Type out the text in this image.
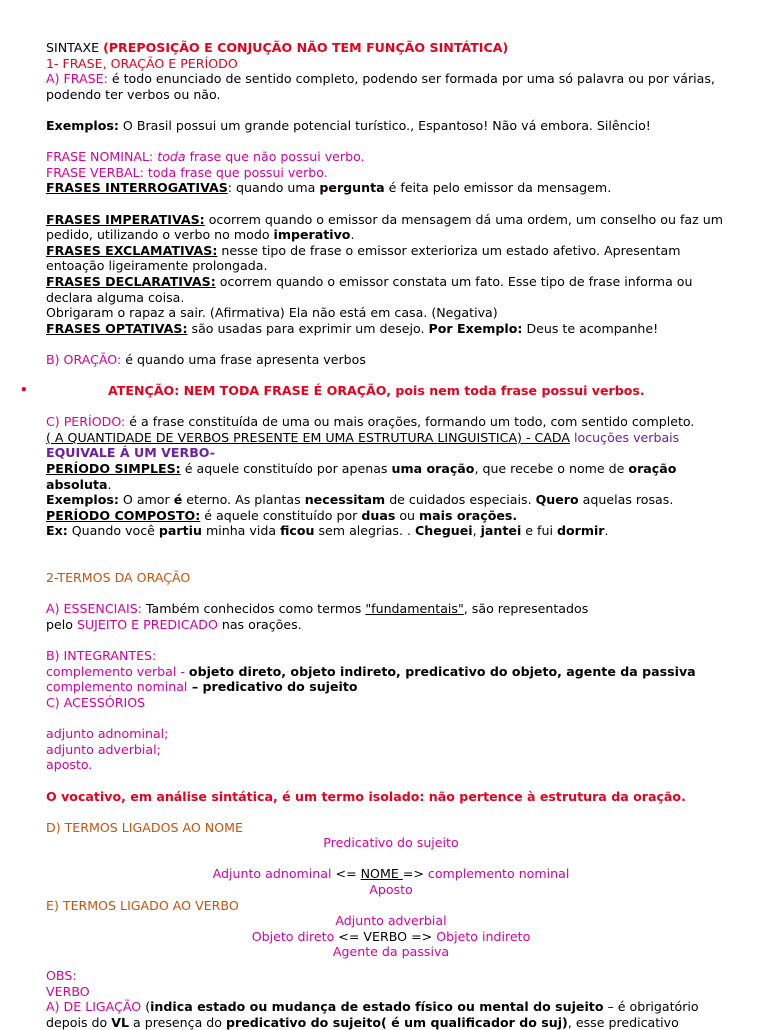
SINTAXE (PREPOSIÇÃO E CONJUÇÃO NÃO TEM FUNÇÃO SINTÁTICA)

1- FRASE, ORAÇÃO E PERÍODO

A) FRASE: é todo enunciado de sentido completo, podendo ser formada por uma só palavra ou por várias, podendo ter verbos ou não.

Exemplos: O Brasil possui um grande potencial turístico., Espantoso! Não vá embora. Silêncio!

FRASE NOMINAL: toda frase que não possui verbo.

FRASE VERBAL: toda frase que possui verbo.

FRASES INTERROGATIVAS: quando uma pergunta é feita pelo emissor da mensagem.

FRASES IMPERATIVAS: ocorrem quando o emissor da mensagem dá uma ordem, um conselho ou faz um pedido, utilizando o verbo no modo imperativo.

FRASES EXCLAMATIVAS: nesse tipo de frase o emissor exterioriza um estado afetivo. Apresentam entoação ligeiramente prolongada.

FRASES DECLARATIVAS: ocorrem quando o emissor constata um fato. Esse tipo de frase informa ou declara alguma coisa.

Obrigaram o rapaz a sair. (Afirmativa) Ela não está em casa. (Negativa)

FRASES OPTATIVAS: são usadas para exprimir um desejo. Por Exemplo: Deus te acompanhe!

B) ORAÇÃO: é quando uma frase apresenta verbos

•	ATENÇÃO: NEM TODA FRASE É ORAÇÃO, pois nem toda frase possui verbos.

C) PERÍODO: é a frase constituída de uma ou mais orações, formando um todo, com sentido completo.

( A QUANTIDADE DE VERBOS PRESENTE EM UMA ESTRUTURA LINGUISTICA) - CADA locuções verbais

EQUIVALE Á UM VERBO-

PERÍODO SIMPLES: é aquele constituído por apenas uma oração, que recebe o nome de oração absoluta.

Exemplos: O amor é eterno. As plantas necessitam de cuidados especiais. Quero aquelas rosas.

PERÍODO COMPOSTO: é aquele constituído por duas ou mais orações.

Ex: Quando você partiu minha vida ficou sem alegrias. . Cheguei, jantei e fui dormir.

2-TERMOS DA ORAÇÃO

A) ESSENCIAIS: Também conhecidos como termos "fundamentais", são representados

pelo SUJEITO E PREDICADO nas orações.

B) INTEGRANTES:

complemento verbal - objeto direto, objeto indireto, predicativo do objeto, agente da passiva

complemento nominal – predicativo do sujeito

C) ACESSÓRIOS

adjunto adnominal;

adjunto adverbial;

aposto.

O vocativo, em análise sintática, é um termo isolado: não pertence à estrutura da oração.

D) TERMOS LIGADOS AO NOME

Predicativo do sujeito

Adjunto adnominal <= NOME => complemento nominal

Aposto

E) TERMOS LIGADO AO VERBO

Adjunto adverbial

Objeto direto <= VERBO => Objeto indireto

Agente da passiva

OBS:

VERBO

A) DE LIGAÇÃO (indica estado ou mudança de estado físico ou mental do sujeito – é obrigatório depois do VL a presença do predicativo do sujeito( é um qualificador do suj), esse predicativo
